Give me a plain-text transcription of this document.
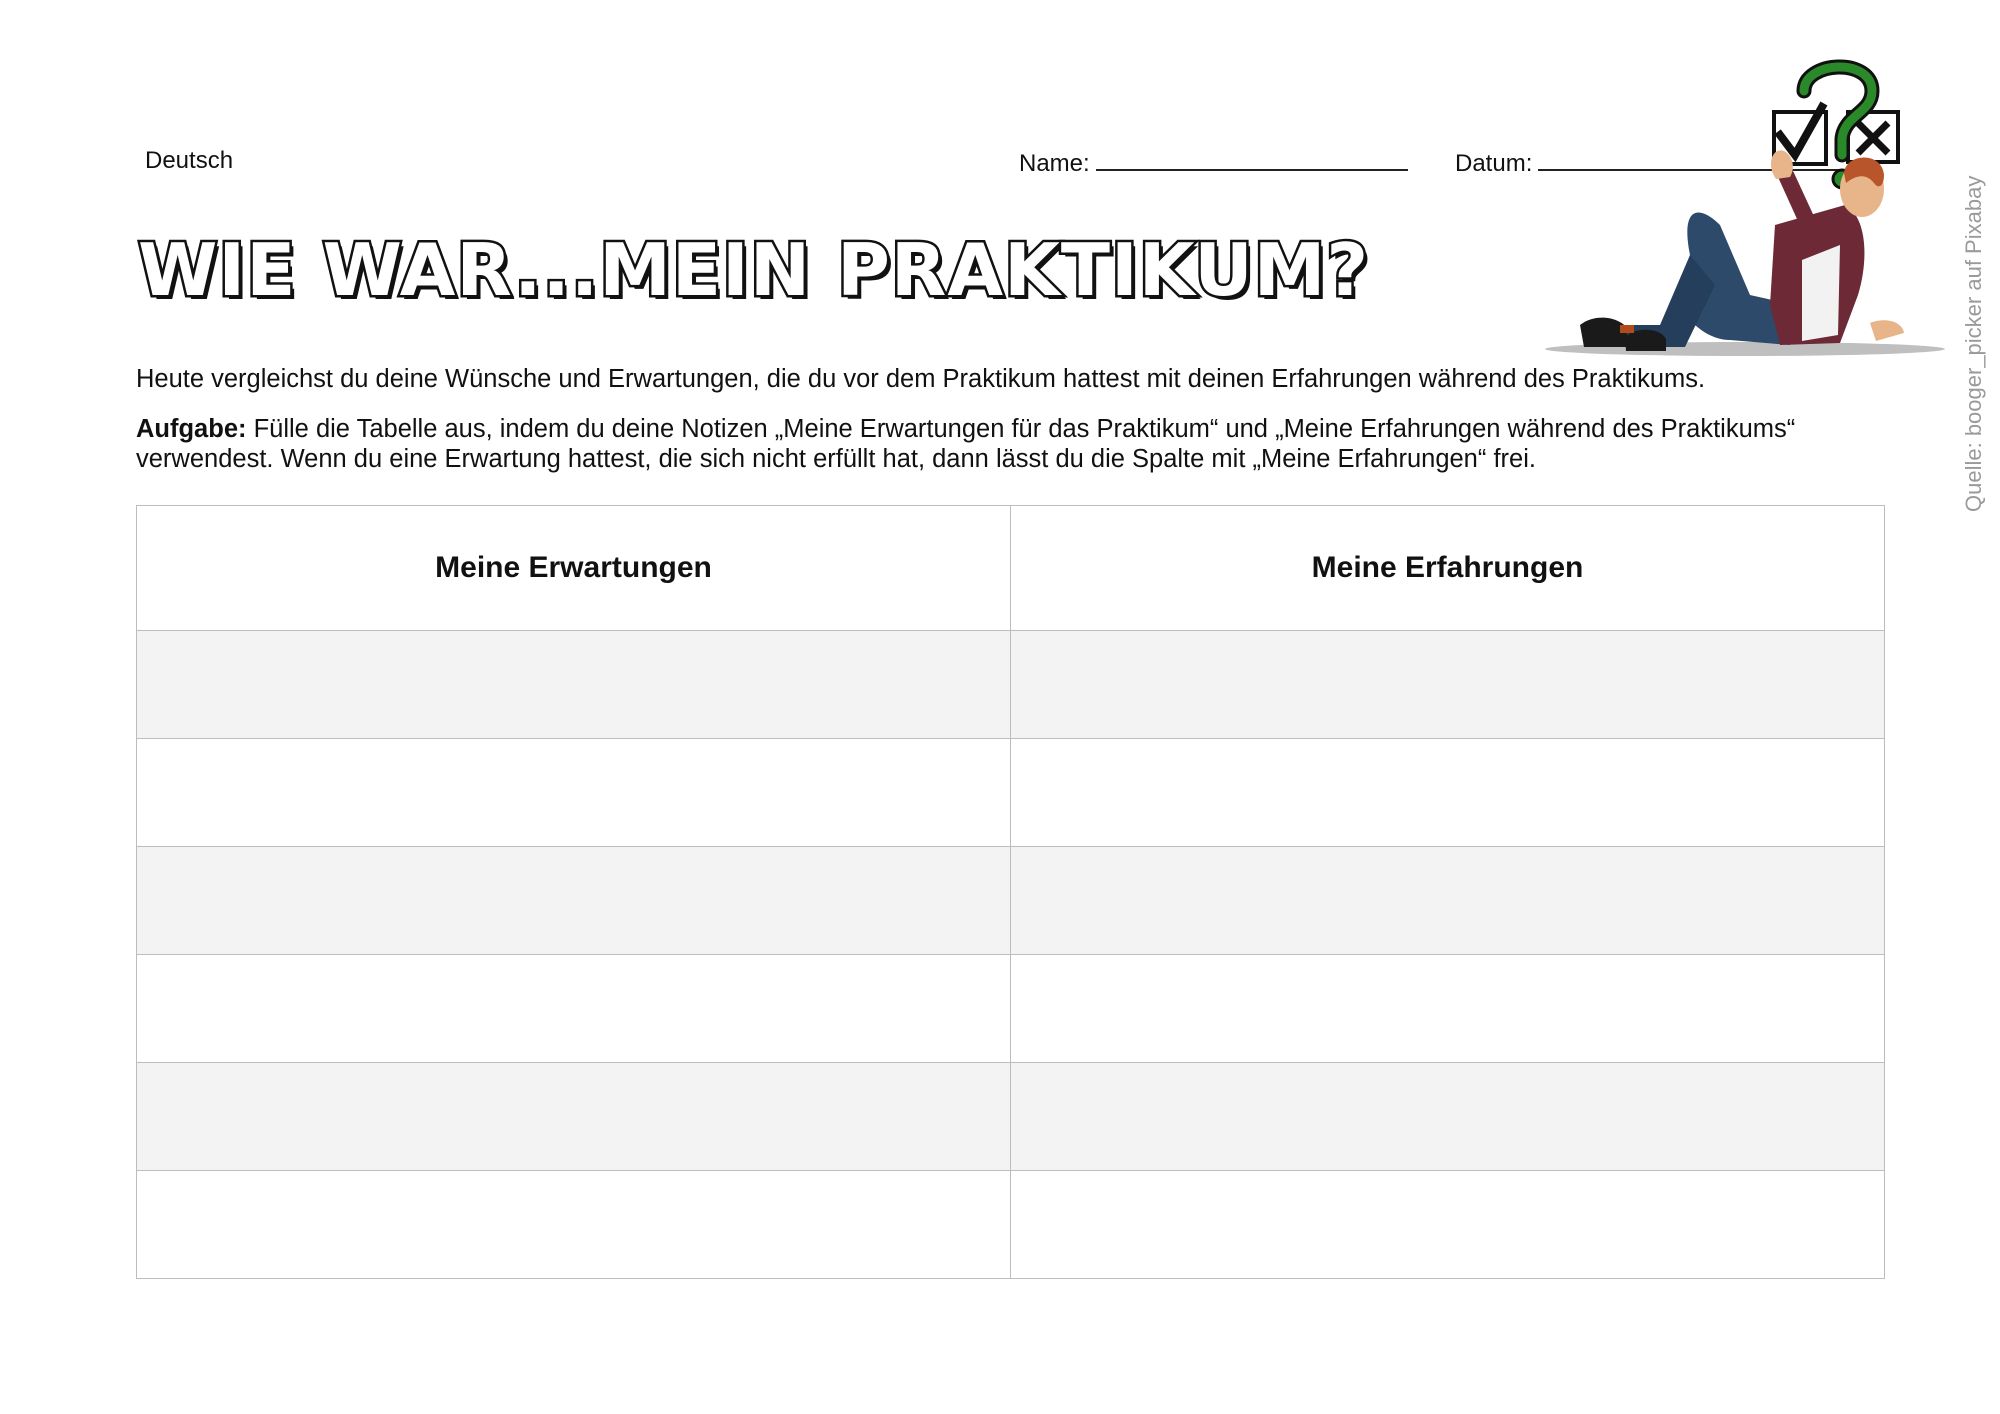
Deutsch	Name:	Datum:
WIE WAR...MEIN PRAKTIKUM?

Heute vergleichst du deine Wünsche und Erwartungen, die du vor dem Praktikum hattest mit deinen Erfahrungen während des Praktikums.

Aufgabe: Fülle die Tabelle aus, indem du deine Notizen „Meine Erwartungen für das Praktikum“ und „Meine Erfahrungen während des Praktikums“ verwendest. Wenn du eine Erwartung hattest, die sich nicht erfüllt hat, dann lässt du die Spalte mit „Meine Erfahrungen“ frei.	Quelle: booger_picker auf Pixabay
Meine Erwartungen	Meine Erfahrungen
